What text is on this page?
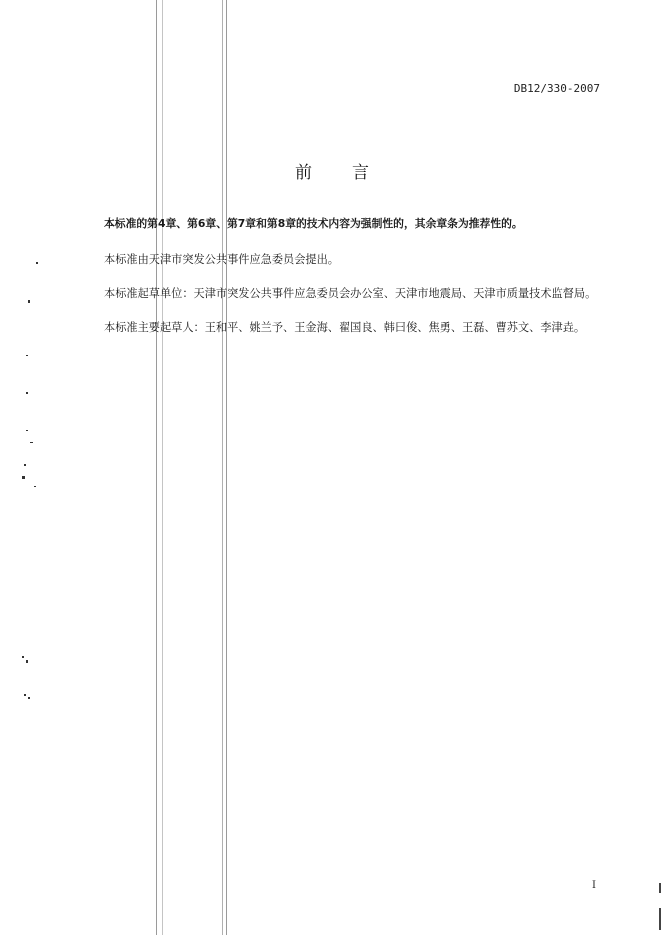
DB12/330-2007
前 言
本标准的第4章、第6章、第7章和第8章的技术内容为强制性的，其余章条为推荐性的。
本标准由天津市突发公共事件应急委员会提出。
本标准起草单位：天津市突发公共事件应急委员会办公室、天津市地震局、天津市质量技术监督局。
本标准主要起草人：王和平、姚兰予、王金海、翟国良、韩曰俊、焦勇、王磊、曹苏文、李津垚。
I
